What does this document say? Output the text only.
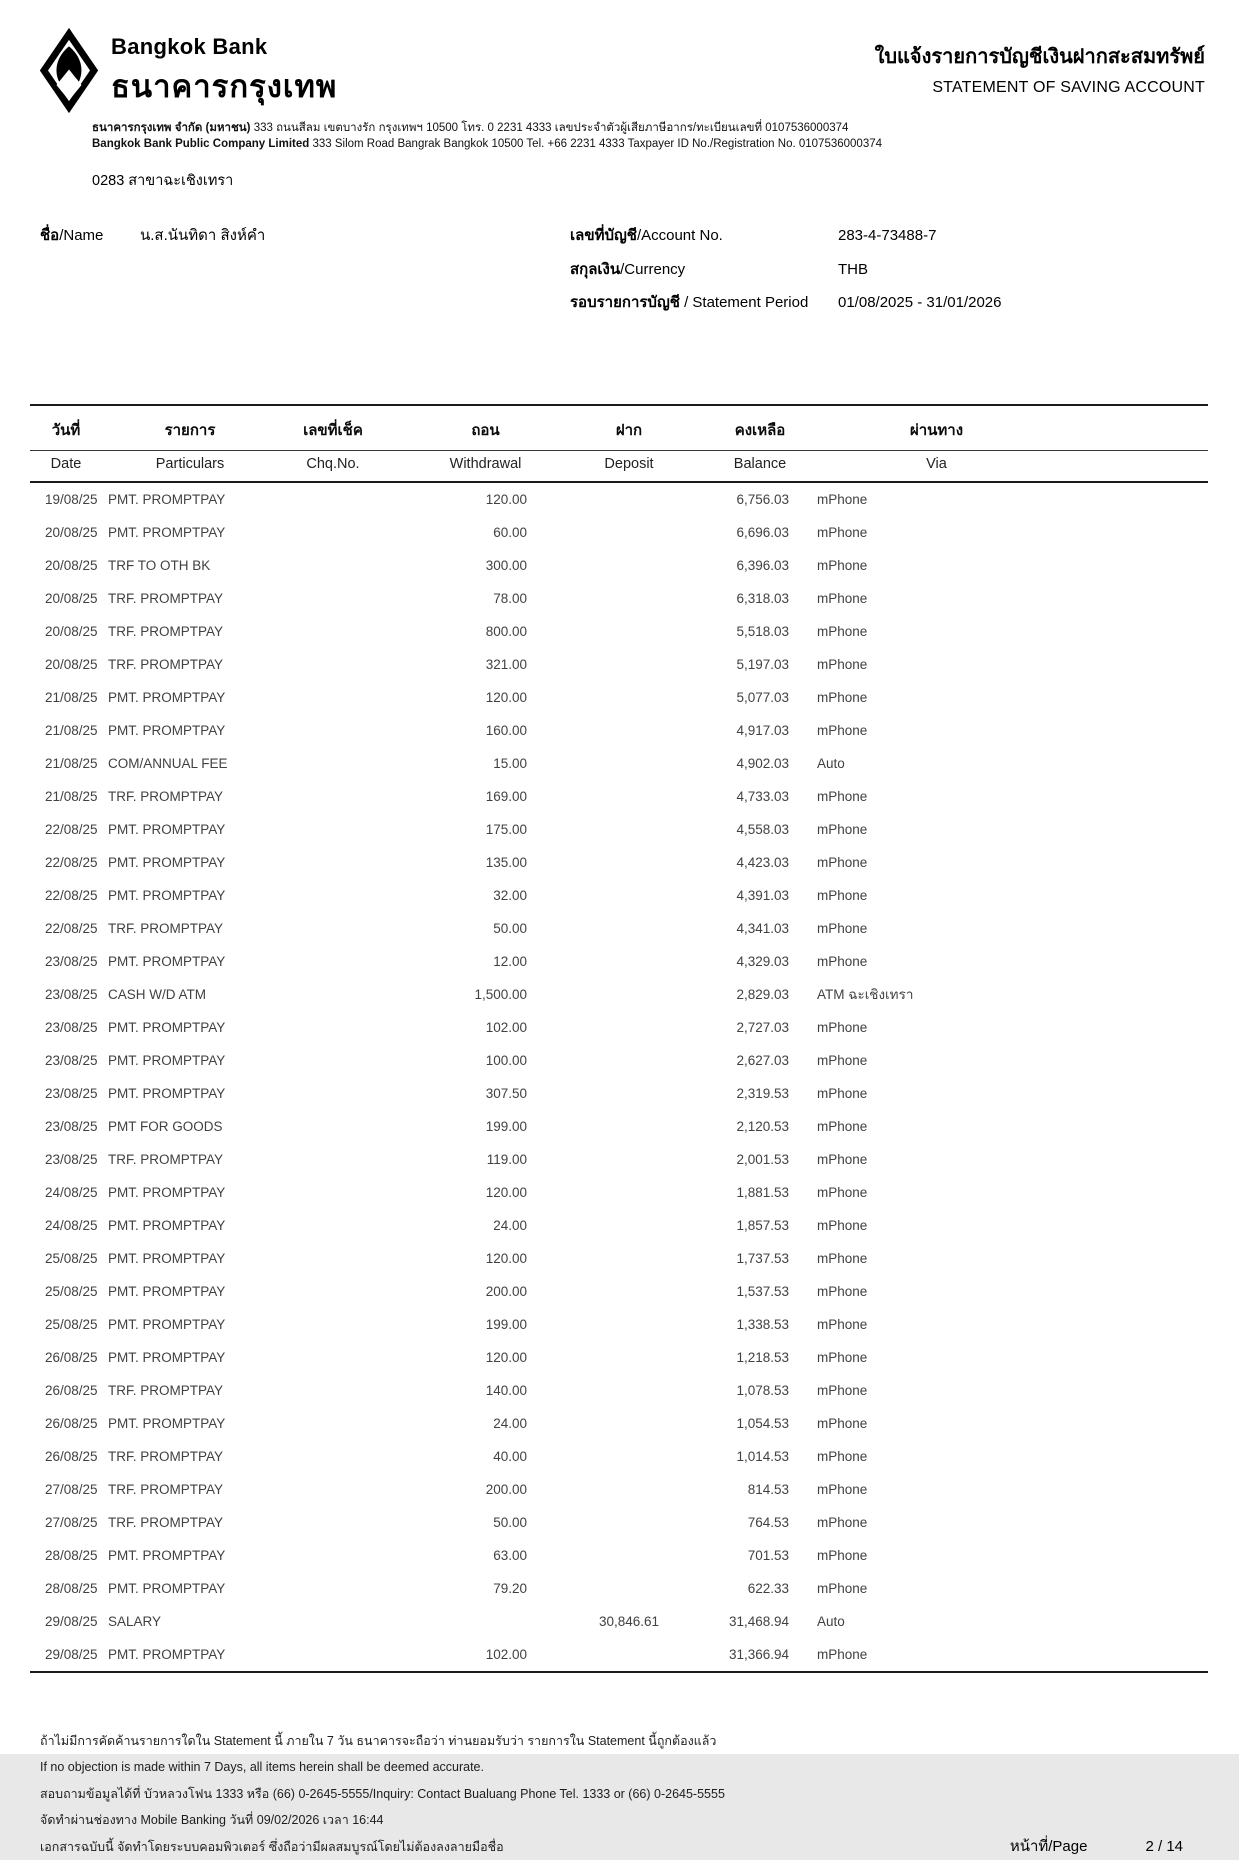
Bangkok Bank
ธนาคารกรุงเทพ
ใบแจ้งรายการบัญชีเงินฝากสะสมทรัพย์
STATEMENT OF SAVING ACCOUNT
ธนาคารกรุงเทพ จำกัด (มหาชน) 333 ถนนสีลม เขตบางรัก กรุงเทพฯ 10500 โทร. 0 2231 4333 เลขประจำตัวผู้เสียภาษีอากร/ทะเบียนเลขที่ 0107536000374
Bangkok Bank Public Company Limited 333 Silom Road Bangrak Bangkok 10500 Tel. +66 2231 4333 Taxpayer ID No./Registration No. 0107536000374
0283 สาขาฉะเชิงเทรา
ชื่อ/Name	น.ส.นันทิดา สิงห์คำ	เลขที่บัญชี/Account No.	283-4-73488-7
สกุลเงิน/Currency	THB
รอบรายการบัญชี / Statement Period	01/08/2025 - 31/01/2026
วันที่	รายการ	เลขที่เช็ค	ถอน	ฝาก	คงเหลือ	ผ่านทาง
Date	Particulars	Chq.No.	Withdrawal	Deposit	Balance	Via
19/08/25	PMT. PROMPTPAY		120.00		6,756.03	mPhone
20/08/25	PMT. PROMPTPAY		60.00		6,696.03	mPhone
20/08/25	TRF TO OTH BK		300.00		6,396.03	mPhone
20/08/25	TRF. PROMPTPAY		78.00		6,318.03	mPhone
20/08/25	TRF. PROMPTPAY		800.00		5,518.03	mPhone
20/08/25	TRF. PROMPTPAY		321.00		5,197.03	mPhone
21/08/25	PMT. PROMPTPAY		120.00		5,077.03	mPhone
21/08/25	PMT. PROMPTPAY		160.00		4,917.03	mPhone
21/08/25	COM/ANNUAL FEE		15.00		4,902.03	Auto
21/08/25	TRF. PROMPTPAY		169.00		4,733.03	mPhone
22/08/25	PMT. PROMPTPAY		175.00		4,558.03	mPhone
22/08/25	PMT. PROMPTPAY		135.00		4,423.03	mPhone
22/08/25	PMT. PROMPTPAY		32.00		4,391.03	mPhone
22/08/25	TRF. PROMPTPAY		50.00		4,341.03	mPhone
23/08/25	PMT. PROMPTPAY		12.00		4,329.03	mPhone
23/08/25	CASH W/D ATM		1,500.00		2,829.03	ATM ฉะเชิงเทรา
23/08/25	PMT. PROMPTPAY		102.00		2,727.03	mPhone
23/08/25	PMT. PROMPTPAY		100.00		2,627.03	mPhone
23/08/25	PMT. PROMPTPAY		307.50		2,319.53	mPhone
23/08/25	PMT FOR GOODS		199.00		2,120.53	mPhone
23/08/25	TRF. PROMPTPAY		119.00		2,001.53	mPhone
24/08/25	PMT. PROMPTPAY		120.00		1,881.53	mPhone
24/08/25	PMT. PROMPTPAY		24.00		1,857.53	mPhone
25/08/25	PMT. PROMPTPAY		120.00		1,737.53	mPhone
25/08/25	PMT. PROMPTPAY		200.00		1,537.53	mPhone
25/08/25	PMT. PROMPTPAY		199.00		1,338.53	mPhone
26/08/25	PMT. PROMPTPAY		120.00		1,218.53	mPhone
26/08/25	TRF. PROMPTPAY		140.00		1,078.53	mPhone
26/08/25	PMT. PROMPTPAY		24.00		1,054.53	mPhone
26/08/25	TRF. PROMPTPAY		40.00		1,014.53	mPhone
27/08/25	TRF. PROMPTPAY		200.00		814.53	mPhone
27/08/25	TRF. PROMPTPAY		50.00		764.53	mPhone
28/08/25	PMT. PROMPTPAY		63.00		701.53	mPhone
28/08/25	PMT. PROMPTPAY		79.20		622.33	mPhone
29/08/25	SALARY			30,846.61	31,468.94	Auto
29/08/25	PMT. PROMPTPAY		102.00		31,366.94	mPhone
ถ้าไม่มีการคัดค้านรายการใดใน Statement นี้ ภายใน 7 วัน ธนาคารจะถือว่า ท่านยอมรับว่า รายการใน Statement นี้ถูกต้องแล้ว
If no objection is made within 7 Days, all items herein shall be deemed accurate.
สอบถามข้อมูลได้ที่ บัวหลวงโฟน 1333 หรือ (66) 0-2645-5555/Inquiry: Contact Bualuang Phone Tel. 1333 or (66) 0-2645-5555
จัดทำผ่านช่องทาง Mobile Banking วันที่ 09/02/2026 เวลา 16:44
เอกสารฉบับนี้ จัดทำโดยระบบคอมพิวเตอร์ ซึ่งถือว่ามีผลสมบูรณ์โดยไม่ต้องลงลายมือชื่อ	หน้าที่/Page	2 / 14
